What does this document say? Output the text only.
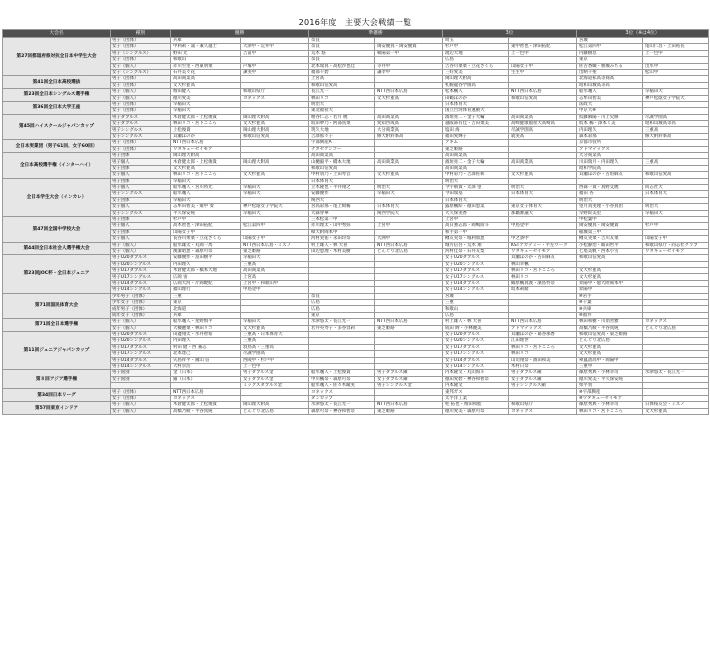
2016年度　主要大会戦績一覧
大会名	種別	優勝		準優勝		3位		3位（※は4位）	
第27回都道府県対抗全日本中学生大会	男子（団体）	兵庫		奈良		埼玉		宮城	
	女子（団体）	中利莉・浦・兼久越士	大津中・荒井中	奈良	岡安優真・岡安優貴	杉戸中	東中智也・津田拓紀	松江第四中	尾山仁昌・上田祐長
	男子（シングルス）	野田 光	吉富中	荒木 悠	朝陽第一中	渡辺大地	上一色中	内藤樹息	上一色中
	女子（団体）	和歌山		奈良		広島		東京	
	女子（個人）	赤川至里・西東明菜	戸塚中	北本瑞真・高松沙也佳	寺井中	吉谷川菜菜・立花さくら	山陽女子中	佐古香織・勝城みちる	出水中
	女子（シングルス）	石井美々花	諫実中	福部千碧	謙孝中	三好愛美	生生中	出納千聖	松山中
第41回全日本高校選抜	男子（団体）	高田商業高		上宮高		岡山理大附高		北海道私高等商高	
	女子（団体）	文大杉並高		和歌山信愛高		札幌龍谷学園高		昭和山城高等高	
第23回全日本シングルス選手権	男子（個人）	増田健人	和歌山県庁	長江光一	NTT西日本広島	松本楓人	NTT西日本広島	船水颯人	早稲田大
	女子（個人）	徳川愛美	ヨネックス	林田リコ	文大杉並高	田鶴ほのか	和歌山信愛高	志牟田智美	神戸松蔭女子学院大
第36回全日本大学王座	男子（団体）	早稲田大		明治大		日本体育大		法政大	
	女子（団体）	早稲田大		東北福祉大		国立台湾体育運動大		中京大※	
第45回ハイスクールジャパンカップ	男子ダブルス	木倉健太郎・上松俊貴	岡山理大附高	粕谷仁志・若月 暁	高田商業高	濱垣亮二・金子大輪	高田商業高	仮藤麻陽・川上史修	尽誠学園高
	女子ダブルス	林田リコ・宮下こころ	文大杉並高	坂田夢乃・阿部真菜	愛知啓成高	越阪部有佳・吉田菜美	高崎健康福祉大高崎高	坂本 稀・澤本く美	昭和山城高等高
	男子シングルス	上松俊貴	岡山理大附高	筑久大地	大分商業高	塩田 海	尽誠学園高	内田理久	三重高
	女子シングルス	貝瀬ほのか	和歌山信愛高	吉澤那々子	修大附鈴峯高	福田愛輝子	就実高	森本彩那	修大附鈴峯高
全日本実業団（男子61回、女子60回）	男子（団体）	NTT西日本広島		宇部興産A		アキム		京都市役所	
	女子（団体）	ワタキューセイモア		ナガセケンコー		東芝姫路		アドマテックス	
全日本高校選手権（インターハイ）	男子団体	岡山理大附高		高田商業高		高田商業高		大分商業高	
	男子個人	木倉健太郎・上松俊貴	岡山理大附高	山樋毅平・橋本大地	高田商業高	濱垣亮二・金子大輪	高田商業高	川田瑞月・内田理久	三重高
	女子団体	文大杉並高		和歌山信愛高		高田商業高		昭和学院高	
	女子個人	林田リコ・宮下こころ	文大杉並高	中村羽乃・上田琴音	文大杉並高	中村彩乃・吉澤佐和	文大杉並高	貝瀬ほのか・古垣麻友	和歌山信愛高
全日本学生大会（インカレ）	男子団体	早稲田大		日本体育大		明治大			
	男子個人	船水颯人・宮川将光	早稲田大	立木隆也・平井翔之	明治大	今宇朝貴・太澤 望	明治大	西森一貴・真野丈暁	同志社大
	男子シングルス	船水颯人	早稲田大	安藤優作	早稲田大	今田瑞基	日本体育大	福田 杏	日本体育大
	女子団体	早稲田大		関西大		日本体育大		明治大	
	女子個人	志牟田智美・雉中 奏	神戸松蔭女子学院大	宮高彩那・尾上綺稀	日本体育大	露原楓絵・徳田恵業	東京女子体育大	望月真実理・小谷真由	明治大
	女子シングルス	平久保安純	早稲田大	大森穿華	関西学院大	大久保実香	那覇審議大	早野絵美里	早稲田大
第47回全国中学校大会	男子団体	杉戸中		三本松第一中		上宮中		中松葉中	
	男子個人	高木智也・津田拓紀	松江第四中	赤川理太・山中秀弥	上宮中	高日強志郎・岡嶋陸斗	中島登中	岡安優真・岡安優貴	杉戸中
	女子団体	山陽女子中		樟大附岡本中		和手第一中		稲城第三中	
	女子個人	長谷川果菜・立花さくら	山陽女子中	河村実佑・永田玲奈	大洲中	樽友実奈・堀利加恵	中之条中	樽友実菜・吉川友菜	山陽女子中
第44回全日本社会人選手権大会	男子（個人）	船水雄太・丸岡一馬	NTT西日本広島・ミズノ	村上雄人・林 大喜	NTT西日本広島	城方信吾・荒木 翔	KSTアカデミー・半左ワーク	小松静治・飯田哲平	和歌山県庁・同志社クラブ
	女子（個人）	漢潔昭恵・森原可奈	東芝姫路	田辺恵理・木村美樹	どんぐり北広島	河村佳奈・石井友梨	ワタキューセイモア	七尾美帆・西本小雪	ワタキューセイモア
第23回JOC杯・全日本ジュニア	男子U20ダブルス	安藤優作・富田樹平	早稲田大			女子U20ダブルス	貝瀬ほのか・古田麻友	和歌山信愛高	
	男子U20シングルス	内田理久	三重高			女子U20シングルス	林山幸楓		
	男子U17ダブルス	木倉健太郎・橋本大地	高田商業高			女子U17ダブルス	林田リコ・宮下こころ	文大杉並高	
	男子U17シングルス	広岡 宙	上宮高			女子U17シングルス	林田リコ	文大杉並高	
	男子U14ダブルス	広岡大河・片岡暁紀	上宮中・和歌山中			女子U14ダブルス	鶴原楓真渡・濱島怜奈	昇陽中・億大附岡本中	
	男子U14シングルス	福山理行	中島登中			女子U14シングルス	坂本莉緒	昇陽中	
第71回国民体育大会	少年男子（団体）	三重		奈良		宮城		※岩手	
	少年女子（団体）	東京		広島		三重		※千葉	
	成年男子（団体）	北海道		広島		和歌山		※兵庫	
	成年女子（団体）	兵庫		東京		広島		※福井	
第71回全日本選手権	男子（個人）	船水颯人・星野慎平	早稲田大	水津悠太・長江光一	NTT西日本広島	村上雄人・林 大喜	NTT西日本広島	林田和樹・川須善雅	ヨネックス
	女子（個人）	大槻麗菜・林田リコ	文大杉並高	若井英寿子・多谷容莉	東芝姫路	成田 眸・小林優美	アドマテックス	高橋乃綾・平谷真純	どんぐり北広島
第11回ジュニアジャパンカップ	男子U20ダブルス	田邊翔太・水井智希	三重高・日本体育大			女子U20ダブルス	貝瀬ほのか・葛谷那香	和歌山信愛高・東芝姫路	
	男子U20シングルス	内田理久	三重高			女子U20シングルス	江田理世	どんぐり北広島	
	男子U17ダブルス	村田 健・西 兼志	羽鳥高・三重高			女子U17ダブルス	林田リコ・宮下こころ	文大杉並高	
	男子U17シングルス	北本達己	尽誠学園高			女子U17シングルス	林田リコ	文大杉並高	
	男子U14ダブルス	矢島祥平・國山 信	西陵中・杉戸中			女子U14ダブルス	山司翔奈・濱田和美	翠嵐渚高中・岡陽中	
	男子U14シングルス	大村崇浩	上一色中			女子U14シングルス	木村日奈	三重中	
第８回アジア選手権	男子国別	金（日本）	男子ダブルス金	船水颯人・上松俊貴	男子ダブルス銅	内本隆文・丸山海斗	男子ダブルス銅	篠原秀典・小林幸司	水津悠太・長江光一
	女子国別	銀（日本）	女子ダブルス金	中川楓奈・森原可奈	女子ダブルス銅	徳田愛碧・神谷和智奈	女子ダブルス銅	徳川愛美・平久保安純	
			ミックスダブルス金	船水颯人・佐々木瞳実	男子シングルス金	内本隆文	男子シングルス銅	柴平賀	
第34回日本リーグ	男子（団体）	NTT西日本広島		ヨネックス		東邦ガス		※宇部興産	
	女子（団体）	ヨネックス		ダンロップ		太平洋工業		※ワタキューセイモア	
第57回東京インドア	男子（個人）	木倉健太郎・上松俊貴	岡山理大附高	水津悠太・長江光一	NTT西日本広島	柱 拓也・増田和紘	和歌山県庁	篠原秀典・小林幸司	日体桜友会・ミズノ
	女子（個人）	高橋乃綾・平谷真純	どんぐり北広島	森原可奈・神谷和智奈	東芝姫路	徳川愛美・森原可奈	ヨネックス	林田リコ・宮下こころ	文大杉並高
